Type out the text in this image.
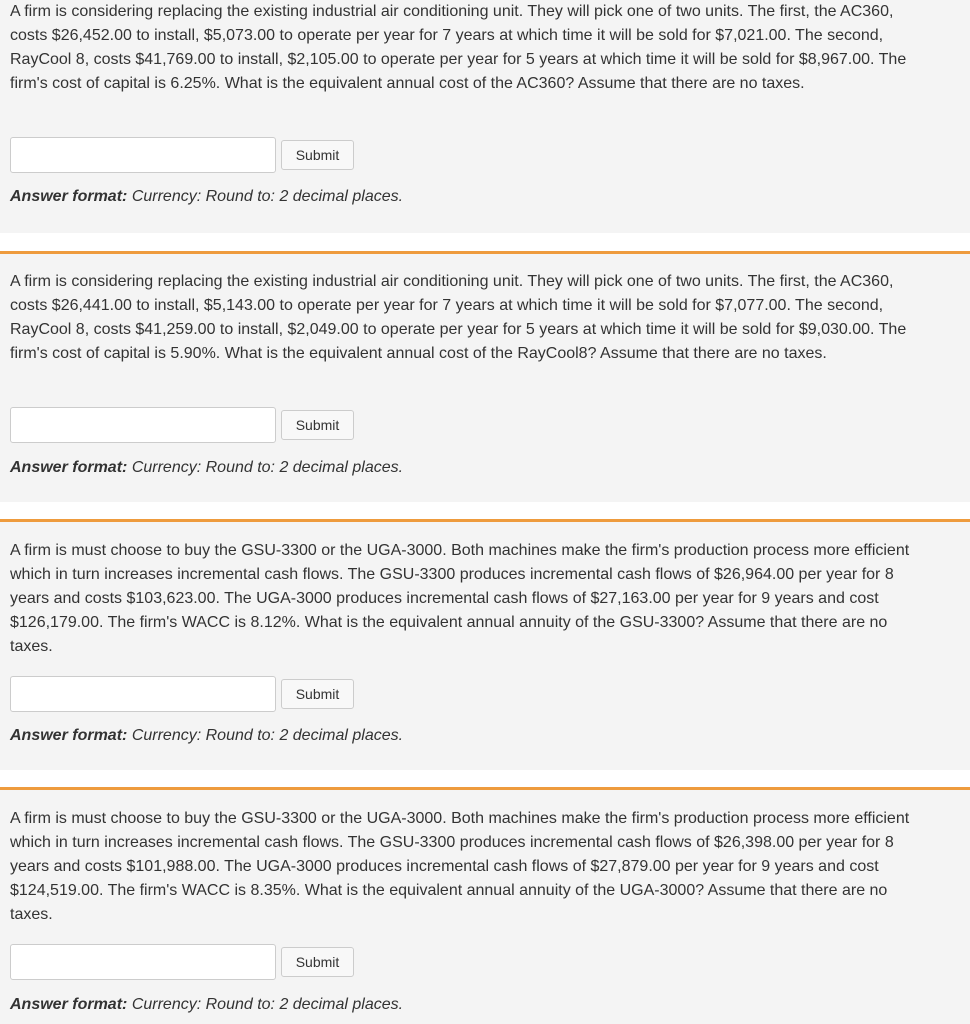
A firm is considering replacing the existing industrial air conditioning unit. They will pick one of two units. The first, the AC360, costs $26,452.00 to install, $5,073.00 to operate per year for 7 years at which time it will be sold for $7,021.00. The second, RayCool 8, costs $41,769.00 to install, $2,105.00 to operate per year for 5 years at which time it will be sold for $8,967.00. The firm's cost of capital is 6.25%. What is the equivalent annual cost of the AC360? Assume that there are no taxes.

Submit
Answer format: Currency: Round to: 2 decimal places.

A firm is considering replacing the existing industrial air conditioning unit. They will pick one of two units. The first, the AC360, costs $26,441.00 to install, $5,143.00 to operate per year for 7 years at which time it will be sold for $7,077.00. The second, RayCool 8, costs $41,259.00 to install, $2,049.00 to operate per year for 5 years at which time it will be sold for $9,030.00. The firm's cost of capital is 5.90%. What is the equivalent annual cost of the RayCool8? Assume that there are no taxes.

Submit
Answer format: Currency: Round to: 2 decimal places.

A firm is must choose to buy the GSU-3300 or the UGA-3000. Both machines make the firm's production process more efficient which in turn increases incremental cash flows. The GSU-3300 produces incremental cash flows of $26,964.00 per year for 8 years and costs $103,623.00. The UGA-3000 produces incremental cash flows of $27,163.00 per year for 9 years and cost $126,179.00. The firm's WACC is 8.12%. What is the equivalent annual annuity of the GSU-3300? Assume that there are no taxes.

Submit
Answer format: Currency: Round to: 2 decimal places.

A firm is must choose to buy the GSU-3300 or the UGA-3000. Both machines make the firm's production process more efficient which in turn increases incremental cash flows. The GSU-3300 produces incremental cash flows of $26,398.00 per year for 8 years and costs $101,988.00. The UGA-3000 produces incremental cash flows of $27,879.00 per year for 9 years and cost $124,519.00. The firm's WACC is 8.35%. What is the equivalent annual annuity of the UGA-3000? Assume that there are no taxes.

Submit
Answer format: Currency: Round to: 2 decimal places.
